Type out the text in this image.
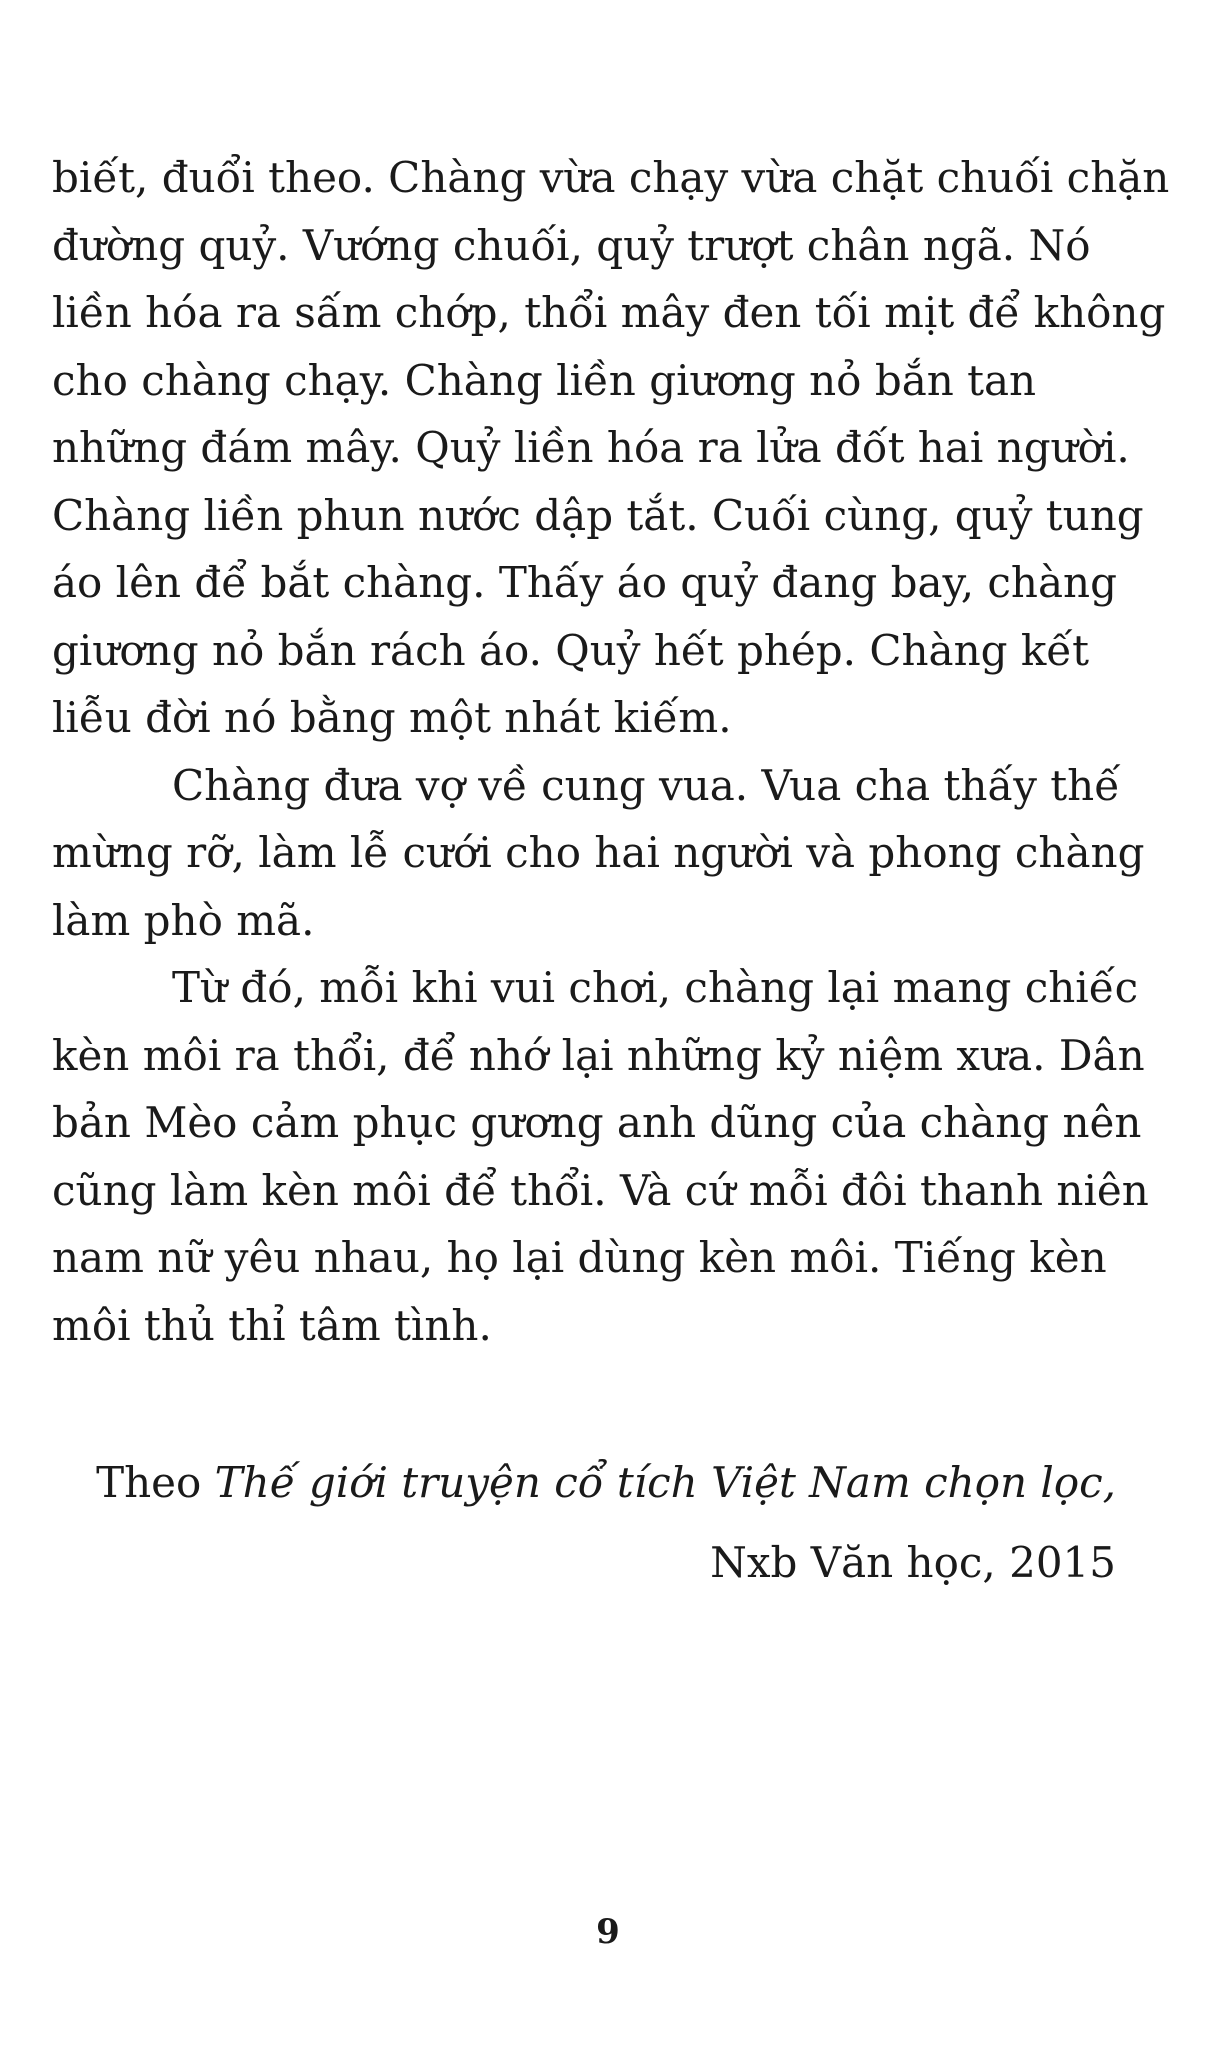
biết, đuổi theo. Chàng vừa chạy vừa chặt chuối chặn
đường quỷ. Vướng chuối, quỷ trượt chân ngã. Nó
liền hóa ra sấm chớp, thổi mây đen tối mịt để không
cho chàng chạy. Chàng liền giương nỏ bắn tan
những đám mây. Quỷ liền hóa ra lửa đốt hai người.
Chàng liền phun nước dập tắt. Cuối cùng, quỷ tung
áo lên để bắt chàng. Thấy áo quỷ đang bay, chàng
giương nỏ bắn rách áo. Quỷ hết phép. Chàng kết
liễu đời nó bằng một nhát kiếm.
Chàng đưa vợ về cung vua. Vua cha thấy thế
mừng rỡ, làm lễ cưới cho hai người và phong chàng
làm phò mã.
Từ đó, mỗi khi vui chơi, chàng lại mang chiếc
kèn môi ra thổi, để nhớ lại những kỷ niệm xưa. Dân
bản Mèo cảm phục gương anh dũng của chàng nên
cũng làm kèn môi để thổi. Và cứ mỗi đôi thanh niên
nam nữ yêu nhau, họ lại dùng kèn môi. Tiếng kèn
môi thủ thỉ tâm tình.
Theo Thế giới truyện cổ tích Việt Nam chọn lọc,
Nxb Văn học, 2015
9
